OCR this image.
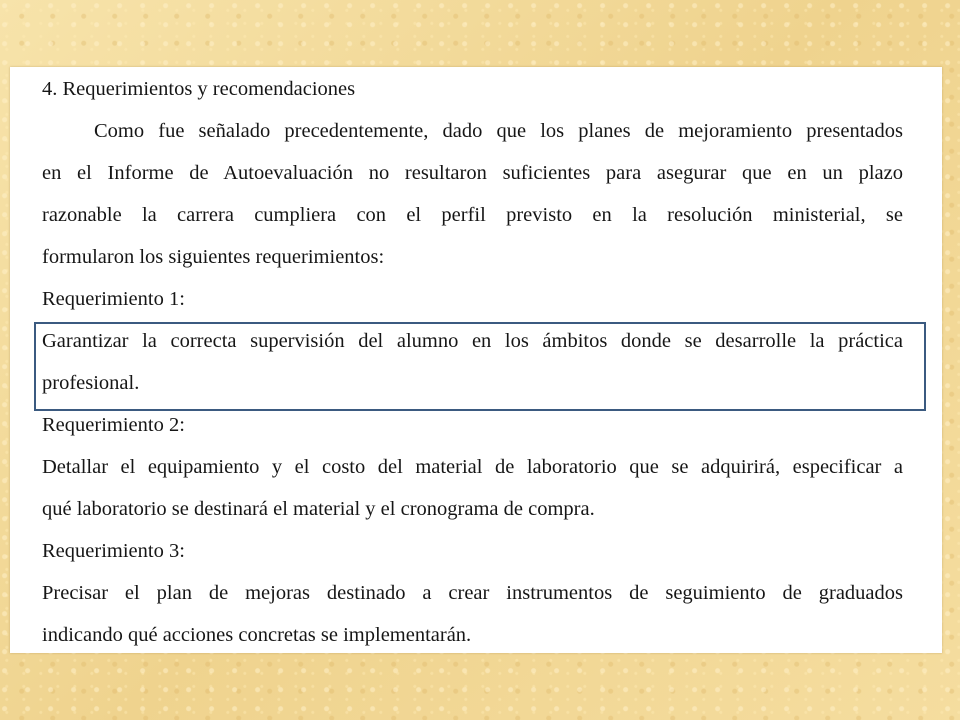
4. Requerimientos y recomendaciones

Como fue señalado precedentemente, dado que los planes de mejoramiento presentados

en el Informe de Autoevaluación no resultaron suficientes para asegurar que en un plazo

razonable la carrera cumpliera con el perfil previsto en la resolución ministerial, se

formularon los siguientes requerimientos:

Requerimiento 1:

Garantizar la correcta supervisión del alumno en los ámbitos donde se desarrolle la práctica

profesional.

Requerimiento 2:

Detallar el equipamiento y el costo del material de laboratorio que se adquirirá, especificar a

qué laboratorio se destinará el material y el cronograma de compra.

Requerimiento 3:

Precisar el plan de mejoras destinado a crear instrumentos de seguimiento de graduados

indicando qué acciones concretas se implementarán.
